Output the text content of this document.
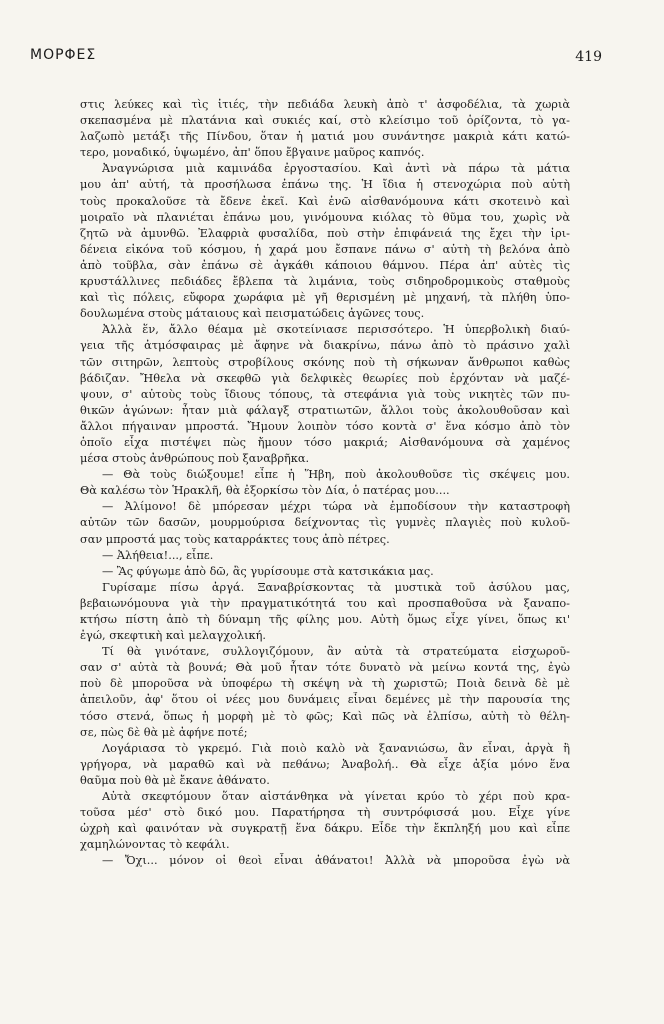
ΜΟΡΦΕΣ	419
στις λεύκες καὶ τὶς ἰτιές, τὴν πεδιάδα λευκὴ ἀπὸ τ' ἀσφοδέλια, τὰ χωριὰ
σκεπασμένα μὲ πλατάνια καὶ συκιές καί, στὸ κλείσιμο τοῦ ὁρίζοντα, τὸ γα-
λαζωπὸ μετάξι τῆς Πίνδου, ὅταν ἡ ματιά μου συνάντησε μακριὰ κάτι κατώ-
τερο, μοναδικό, ὑψωμένο, ἀπ' ὅπου ἔβγαινε μαῦρος καπνός.
Ἀναγνώρισα μιὰ καμινάδα ἐργοστασίου. Καὶ ἀντὶ νὰ πάρω τὰ μάτια
μου ἀπ' αὐτή, τὰ προσήλωσα ἐπάνω της. Ἡ ἴδια ἡ στενοχώρια ποὺ αὐτὴ
τοὺς προκαλοῦσε τὰ ἔδενε ἐκεῖ. Καὶ ἐνῶ αἰσθανόμουνα κάτι σκοτεινὸ καὶ
μοιραῖο νὰ πλανιέται ἐπάνω μου, γινόμουνα κιόλας τὸ θῦμα του, χωρὶς νὰ
ζητῶ νὰ ἀμυνθῶ. Ἐλαφριὰ φυσαλίδα, ποὺ στὴν ἐπιφάνειά της ἔχει τὴν ἰρι-
δένεια εἰκόνα τοῦ κόσμου, ἡ χαρά μου ἔσπανε πάνω σ' αὐτὴ τὴ βελόνα ἀπὸ
ἀπὸ τοῦβλα, σὰν ἐπάνω σὲ ἀγκάθι κάποιου θάμνου. Πέρα ἀπ' αὐτὲς τὶς
κρυστάλλινες πεδιάδες ἔβλεπα τὰ λιμάνια, τοὺς σιδηροδρομικοὺς σταθμοὺς
καὶ τὶς πόλεις, εὔφορα χωράφια μὲ γῆ θερισμένη μὲ μηχανή, τὰ πλήθη ὑπο-
δουλωμένα στοὺς μάταιους καὶ πεισματώδεις ἀγῶνες τους.
Ἀλλὰ ἕν, ἄλλο θέαμα μὲ σκοτείνιασε περισσότερο. Ἡ ὑπερβολικὴ διαύ-
γεια τῆς ἀτμόσφαιρας μὲ ἄφηνε νὰ διακρίνω, πάνω ἀπὸ τὸ πράσινο χαλὶ
τῶν σιτηρῶν, λεπτοὺς στροβίλους σκόνης ποὺ τὴ σήκωναν ἄνθρωποι καθὼς
βάδιζαν. Ἤθελα νὰ σκεφθῶ γιὰ δελφικὲς θεωρίες ποὺ ἐρχόνταν νὰ μαζέ-
ψουν, σ' αὐτοὺς τοὺς ἴδιους τόπους, τὰ στεφάνια γιὰ τοὺς νικητὲς τῶν πυ-
θικῶν ἀγώνων: ἦταν μιὰ φάλαγξ στρατιωτῶν, ἄλλοι τοὺς ἀκολουθοῦσαν καὶ
ἄλλοι πήγαιναν μπροστά. Ἤμουν λοιπὸν τόσο κοντὰ σ' ἕνα κόσμο ἀπὸ τὸν
ὁποῖο εἶχα πιστέψει πὼς ἤμουν τόσο μακριά; Αἰσθανόμουνα σὰ χαμένος
μέσα στοὺς ἀνθρώπους ποὺ ξαναβρῆκα.
— Θὰ τοὺς διώξουμε! εἶπε ἡ Ἥβη, ποὺ ἀκολουθοῦσε τὶς σκέψεις μου.
Θὰ καλέσω τὸν Ἡρακλῆ, θὰ ἐξορκίσω τὸν Δία, ὁ πατέρας μου....
— Ἀλίμονο! δὲ μπόρεσαν μέχρι τώρα νὰ ἐμποδίσουν τὴν καταστροφὴ
αὐτῶν τῶν δασῶν, μουρμούρισα δείχνοντας τὶς γυμνὲς πλαγιὲς ποὺ κυλοῦ-
σαν μπροστά μας τοὺς καταρράκτες τους ἀπὸ πέτρες.
— Ἀλήθεια!..., εἶπε.
— Ἂς φύγωμε ἀπὸ δῶ, ἂς γυρίσουμε στὰ κατσικάκια μας.
Γυρίσαμε πίσω ἀργά. Ξαναβρίσκοντας τὰ μυστικὰ τοῦ ἀσύλου μας,
βεβαιωνόμουνα γιὰ τὴν πραγματικότητά του καὶ προσπαθοῦσα νὰ ξαναπο-
κτήσω πίστη ἀπὸ τὴ δύναμη τῆς φίλης μου. Αὐτὴ ὅμως εἶχε γίνει, ὅπως κι'
ἐγώ, σκεφτικὴ καὶ μελαγχολική.
Τί θὰ γινότανε, συλλογιζόμουν, ἂν αὐτὰ τὰ στρατεύματα εἰσχωροῦ-
σαν σ' αὐτὰ τὰ βουνά; Θὰ μοῦ ἦταν τότε δυνατὸ νὰ μείνω κοντά της, ἐγὼ
ποὺ δὲ μποροῦσα νὰ ὑποφέρω τὴ σκέψη νὰ τὴ χωριστῶ; Ποιὰ δεινὰ δὲ μὲ
ἀπειλοῦν, ἀφ' ὅτου οἱ νέες μου δυνάμεις εἶναι δεμένες μὲ τὴν παρουσία της
τόσο στενά, ὅπως ἡ μορφὴ μὲ τὸ φῶς; Καὶ πῶς νὰ ἐλπίσω, αὐτὴ τὸ θέλη-
σε, πὼς δὲ θὰ μὲ ἀφήνε ποτέ;
Λογάριασα τὸ γκρεμό. Γιὰ ποιὸ καλὸ νὰ ξανανιώσω, ἂν εἶναι, ἀργὰ ἢ
γρήγορα, νὰ μαραθῶ καὶ νὰ πεθάνω; Ἀναβολή.. Θὰ εἶχε ἀξία μόνο ἕνα
θαῦμα ποὺ θὰ μὲ ἔκανε ἀθάνατο.
Αὐτὰ σκεφτόμουν ὅταν αἰστάνθηκα νὰ γίνεται κρύο τὸ χέρι ποὺ κρα-
τοῦσα μέσ' στὸ δικό μου. Παρατήρησα τὴ συντρόφισσά μου. Εἶχε γίνε
ὠχρὴ καὶ φαινόταν νὰ συγκρατῇ ἕνα δάκρυ. Εἶδε τὴν ἔκπληξή μου καὶ εἶπε
χαμηλώνοντας τὸ κεφάλι.
— Ὄχι... μόνον οἱ θεοὶ εἶναι ἀθάνατοι! Ἀλλὰ νὰ μποροῦσα ἐγὼ νὰ
